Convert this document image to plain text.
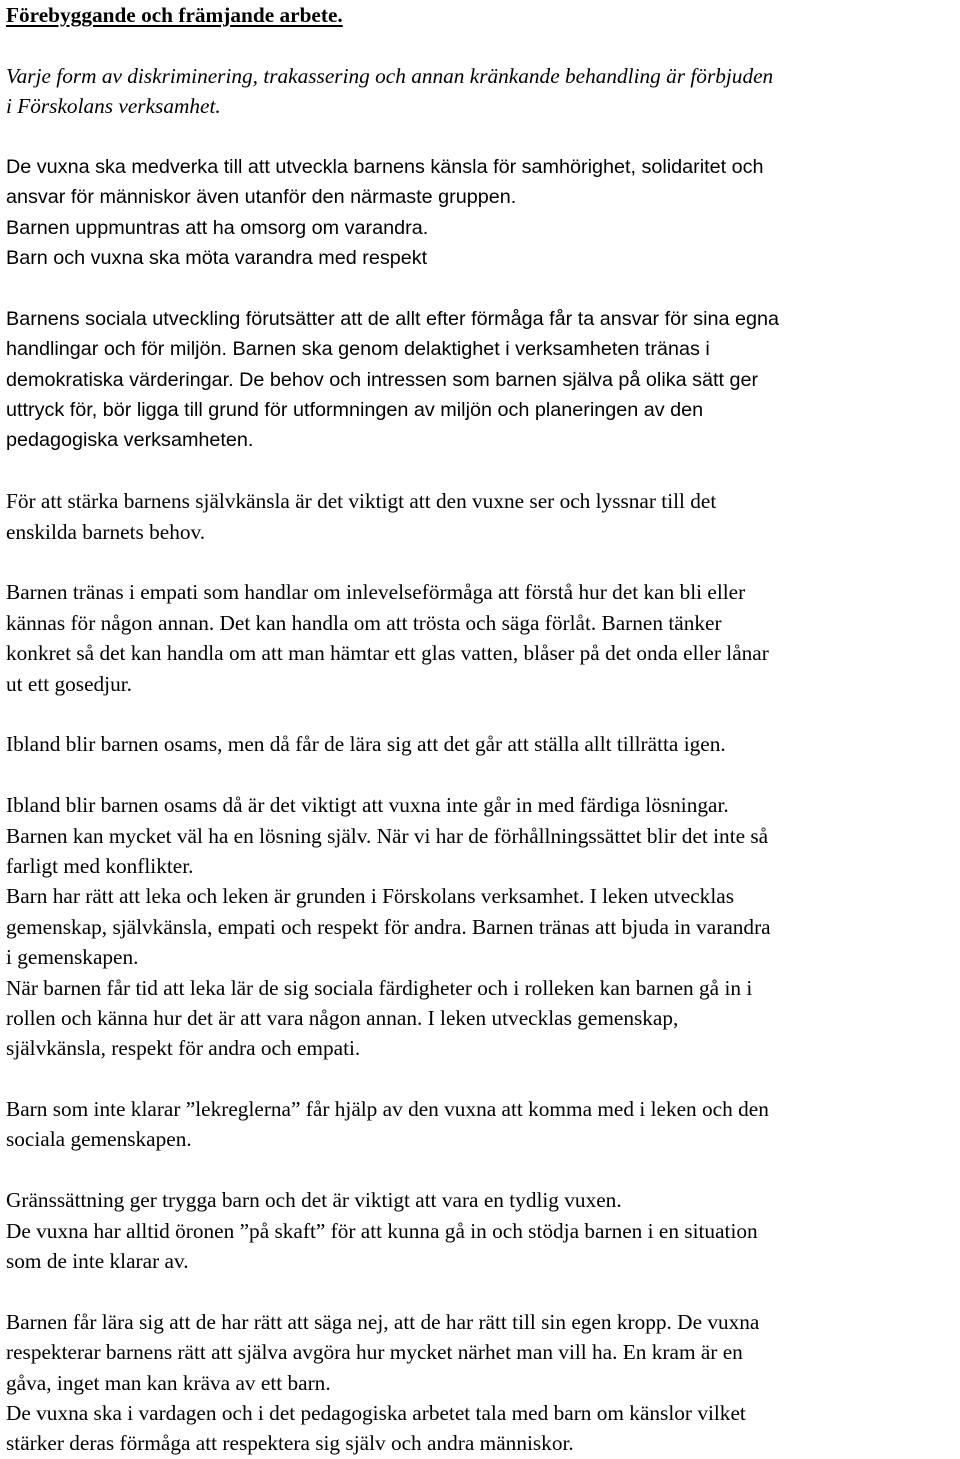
Förebyggande och främjande arbete.
Varje form av diskriminering, trakassering och annan kränkande behandling är förbjuden
i Förskolans verksamhet.
De vuxna ska medverka till att utveckla barnens känsla för samhörighet, solidaritet och
ansvar för människor även utanför den närmaste gruppen.
Barnen uppmuntras att ha omsorg om varandra.
Barn och vuxna ska möta varandra med respekt
Barnens sociala utveckling förutsätter att de allt efter förmåga får ta ansvar för sina egna
handlingar och för miljön. Barnen ska genom delaktighet i verksamheten tränas i
demokratiska värderingar. De behov och intressen som barnen själva på olika sätt ger
uttryck för, bör ligga till grund för utformningen av miljön och planeringen av den
pedagogiska verksamheten.
För att stärka barnens självkänsla är det viktigt att den vuxne ser och lyssnar till det
enskilda barnets behov.
Barnen tränas i empati som handlar om inlevelseförmåga att förstå hur det kan bli eller
kännas för någon annan. Det kan handla om att trösta och säga förlåt. Barnen tänker
konkret så det kan handla om att man hämtar ett glas vatten, blåser på det onda eller lånar
ut ett gosedjur.
Ibland blir barnen osams, men då får de lära sig att det går att ställa allt tillrätta igen.
Ibland blir barnen osams då är det viktigt att vuxna inte går in med färdiga lösningar.
Barnen kan mycket väl ha en lösning själv. När vi har de förhållningssättet blir det inte så
farligt med konflikter.
Barn har rätt att leka och leken är grunden i Förskolans verksamhet. I leken utvecklas
gemenskap, självkänsla, empati och respekt för andra. Barnen tränas att bjuda in varandra
i gemenskapen.
När barnen får tid att leka lär de sig sociala färdigheter och i rolleken kan barnen gå in i
rollen och känna hur det är att vara någon annan. I leken utvecklas gemenskap,
självkänsla, respekt för andra och empati.
Barn som inte klarar ”lekreglerna” får hjälp av den vuxna att komma med i leken och den
sociala gemenskapen.
Gränssättning ger trygga barn och det är viktigt att vara en tydlig vuxen.
De vuxna har alltid öronen ”på skaft” för att kunna gå in och stödja barnen i en situation
som de inte klarar av.
Barnen får lära sig att de har rätt att säga nej, att de har rätt till sin egen kropp. De vuxna
respekterar barnens rätt att själva avgöra hur mycket närhet man vill ha. En kram är en
gåva, inget man kan kräva av ett barn.
De vuxna ska i vardagen och i det pedagogiska arbetet tala med barn om känslor vilket
stärker deras förmåga att respektera sig själv och andra människor.
